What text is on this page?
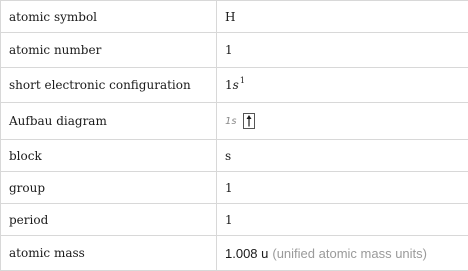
atomic symbol	H
atomic number	1
short electronic configuration	$1s^1$
Aufbau diagram	1s

block	s
group	1
period	1
atomic mass	1.008 u (unified atomic mass units)
